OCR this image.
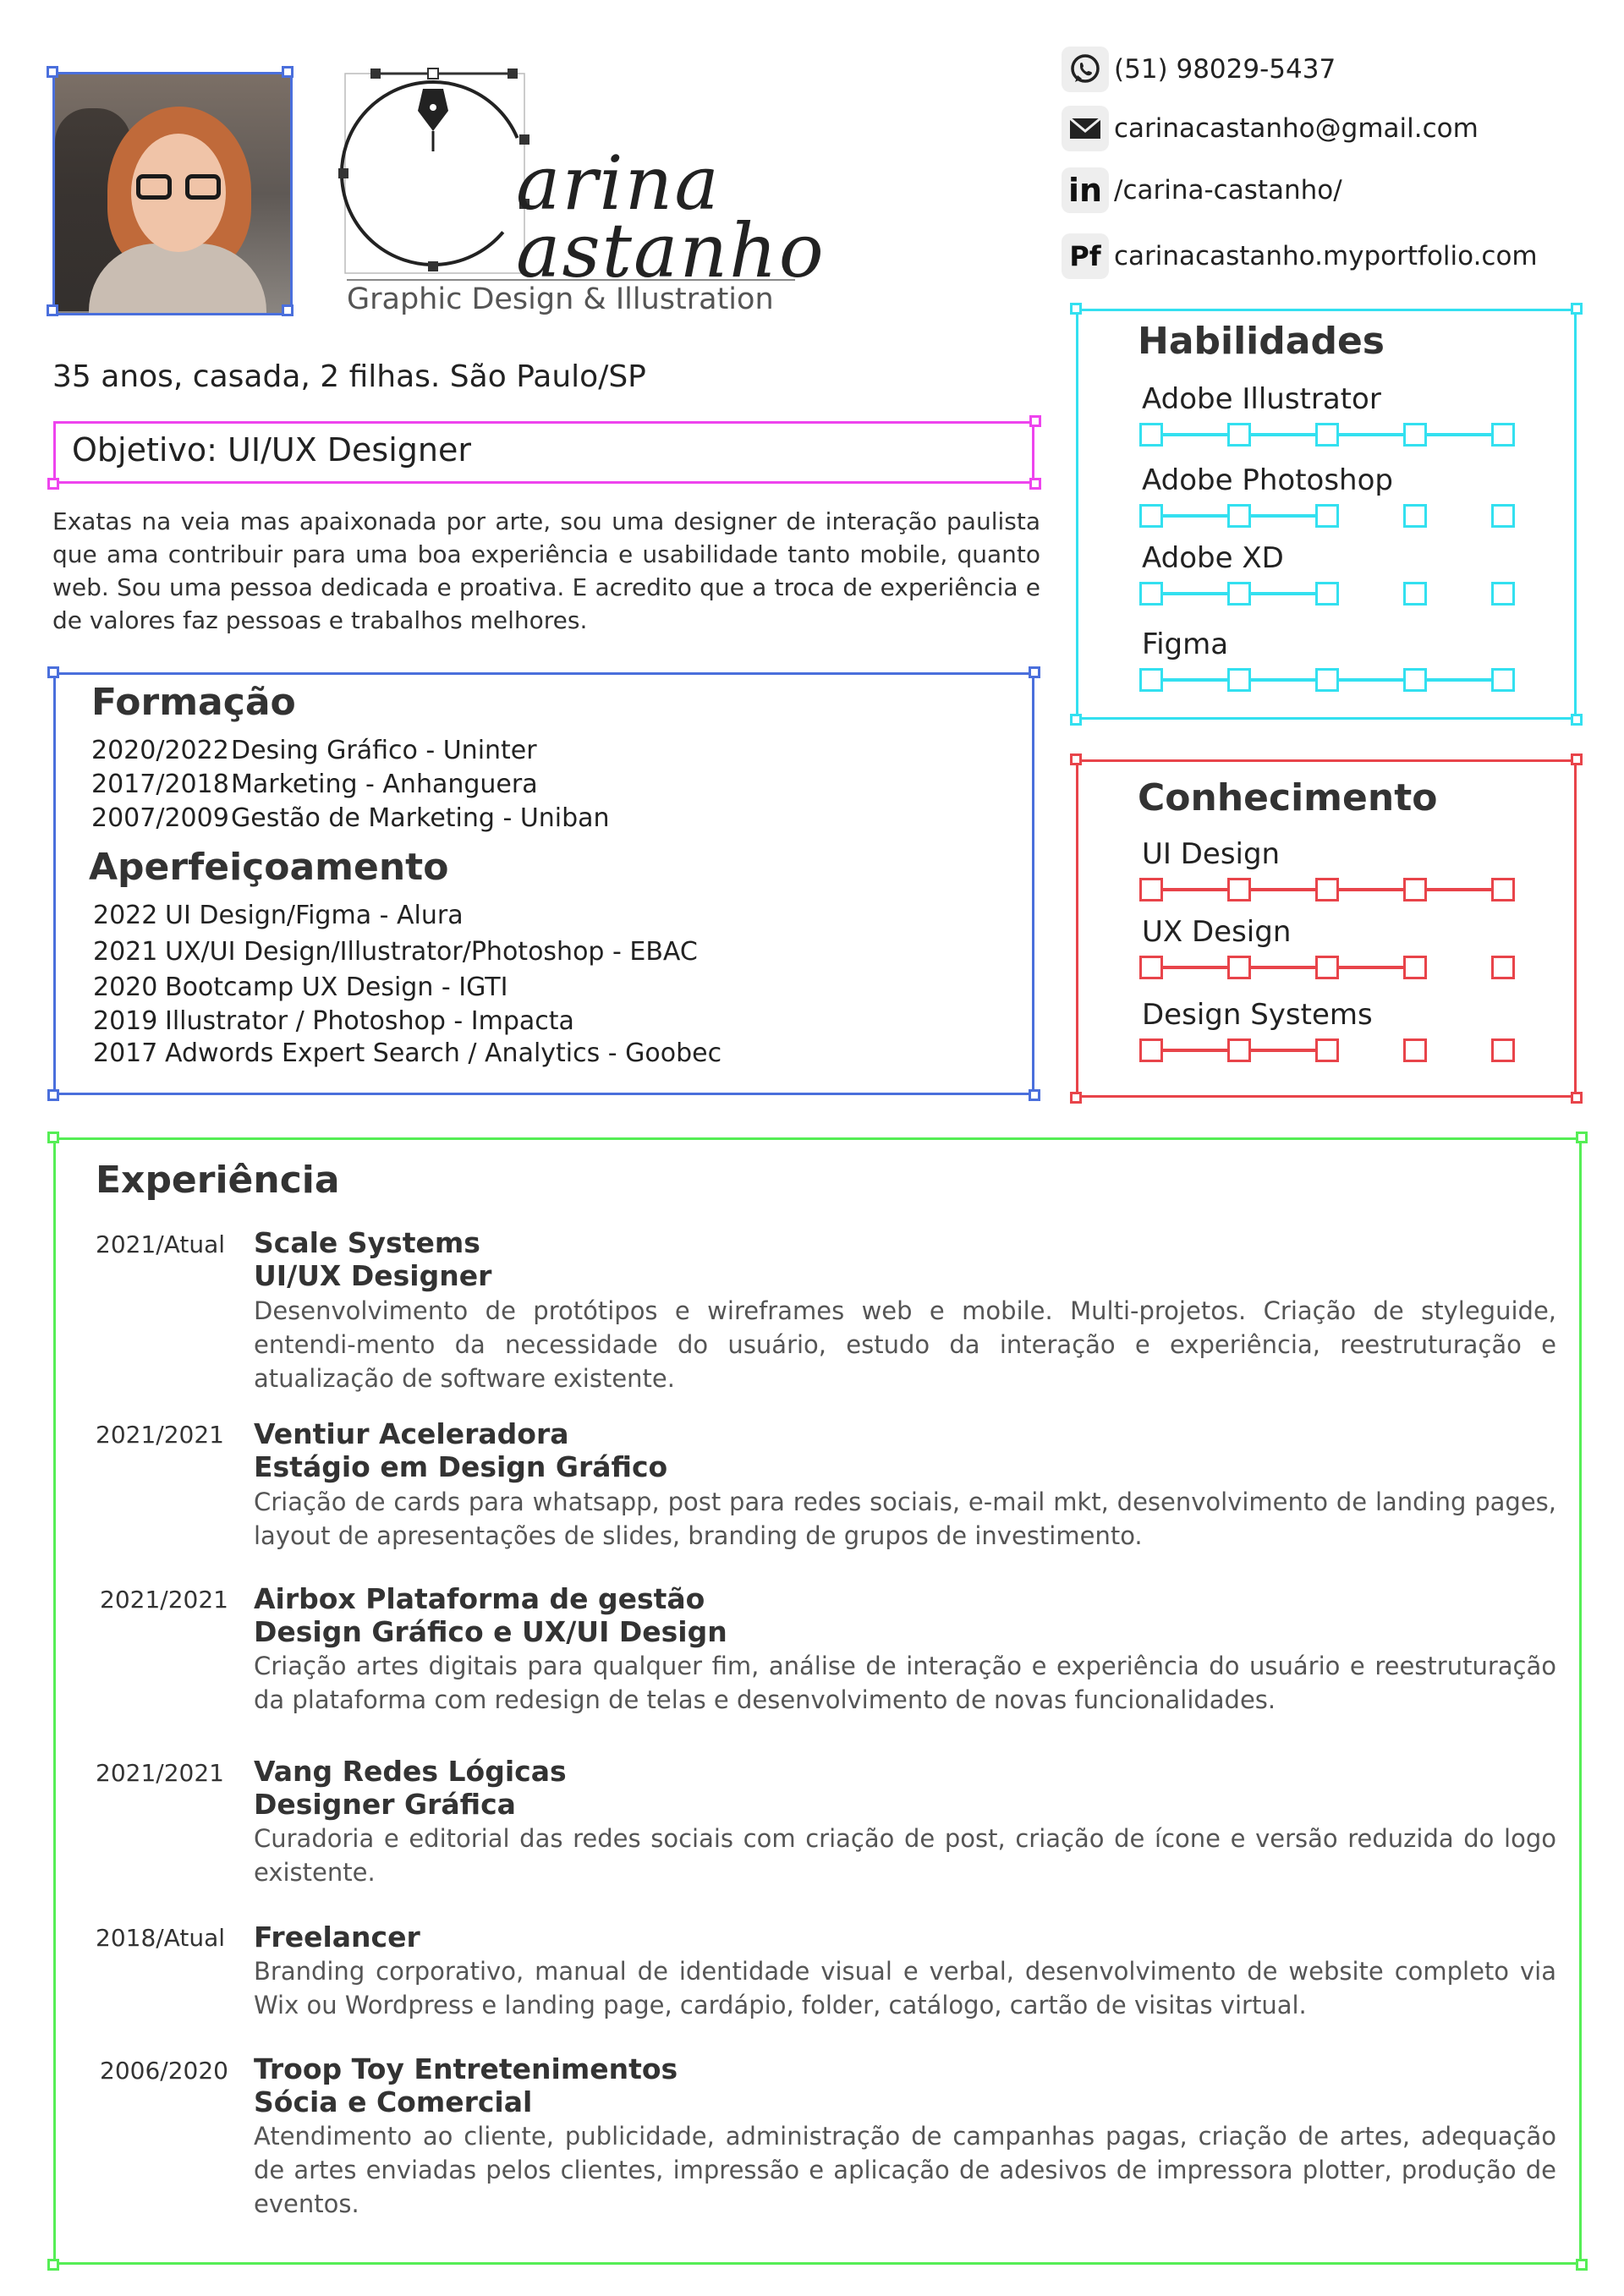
arina
astanho
Graphic Design & Illustration
(51) 98029-5437
carinacastanho@gmail.com
in /carina-castanho/
Pf carinacastanho.myportfolio.com
35 anos, casada, 2 filhas. São Paulo/SP
Objetivo: UI/UX Designer
Exatas na veia mas apaixonada por arte, sou uma designer de interação paulista que ama contribuir para uma boa experiência e usabilidade tanto mobile, quanto web. Sou uma pessoa dedicada e proativa. E acredito que a troca de experiência e de valores faz pessoas e trabalhos melhores.
Formação
2020/2022Desing Gráfico - Uninter
2017/2018Marketing - Anhanguera
2007/2009Gestão de Marketing - Uniban
Aperfeiçoamento
2022 UI Design/Figma - Alura
2021 UX/UI Design/Illustrator/Photoshop - EBAC
2020 Bootcamp UX Design - IGTI
2019 Illustrator / Photoshop - Impacta
2017 Adwords Expert Search / Analytics - Goobec
Habilidades
Adobe Illustrator
Adobe Photoshop
Adobe XD
Figma
Conhecimento
UI Design
UX Design
Design Systems
Experiência
2021/Atual Scale Systems
UI/UX Designer
Desenvolvimento de protótipos e wireframes web e mobile. Multi-projetos. Criação de styleguide, entendi-mento da necessidade do usuário, estudo da interação e experiência, reestruturação e atualização de software existente.
2021/2021 Ventiur Aceleradora
Estágio em Design Gráfico
Criação de cards para whatsapp, post para redes sociais, e-mail mkt, desenvolvimento de landing pages, layout de apresentações de slides, branding de grupos de investimento.
2021/2021 Airbox Plataforma de gestão
Design Gráfico e UX/UI Design
Criação artes digitais para qualquer fim, análise de interação e experiência do usuário e reestruturação da plataforma com redesign de telas e desenvolvimento de novas funcionalidades.
2021/2021 Vang Redes Lógicas
Designer Gráfica
Curadoria e editorial das redes sociais com criação de post, criação de ícone e versão reduzida do logo existente.
2018/Atual Freelancer
Branding corporativo, manual de identidade visual e verbal, desenvolvimento de website completo via Wix ou Wordpress e landing page, cardápio, folder, catálogo, cartão de visitas virtual.
2006/2020 Troop Toy Entretenimentos
Sócia e Comercial
Atendimento ao cliente, publicidade, administração de campanhas pagas, criação de artes, adequação de artes enviadas pelos clientes, impressão e aplicação de adesivos de impressora plotter, produção de eventos.
